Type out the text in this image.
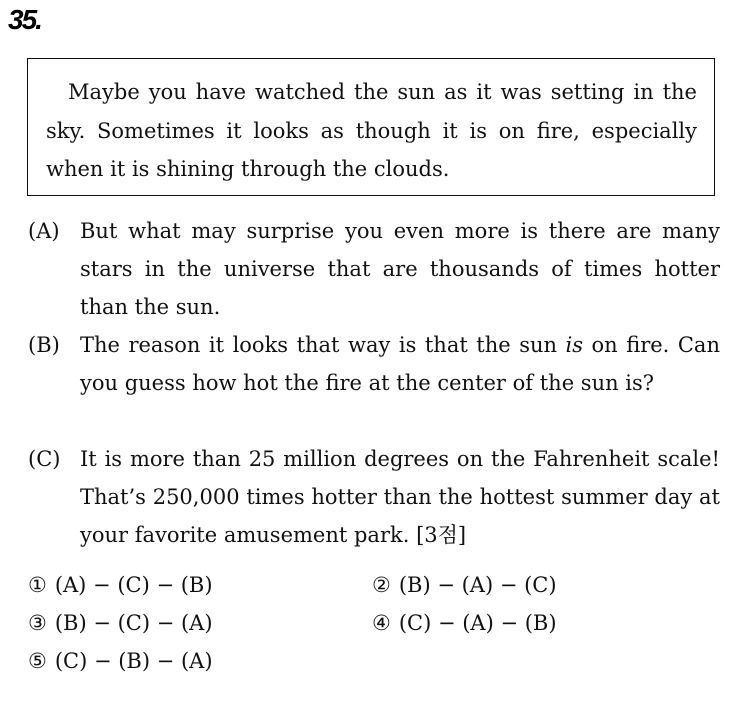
35.

Maybe you have watched the sun as it was setting in the sky. Sometimes it looks as though it is on fire, especially when it is shining through the clouds.

(A) But what may surprise you even more is there are many stars in the universe that are thousands of times hotter than the sun.
(B) The reason it looks that way is that the sun is on fire. Can you guess how hot the fire at the center of the sun is?
(C) It is more than 25 million degrees on the Fahrenheit scale! That’s 250,000 times hotter than the hottest summer day at your favorite amusement park. [3점]
① (A) − (C) − (B)	② (B) − (A) − (C)
③ (B) − (C) − (A)	④ (C) − (A) − (B)
⑤ (C) − (B) − (A)
